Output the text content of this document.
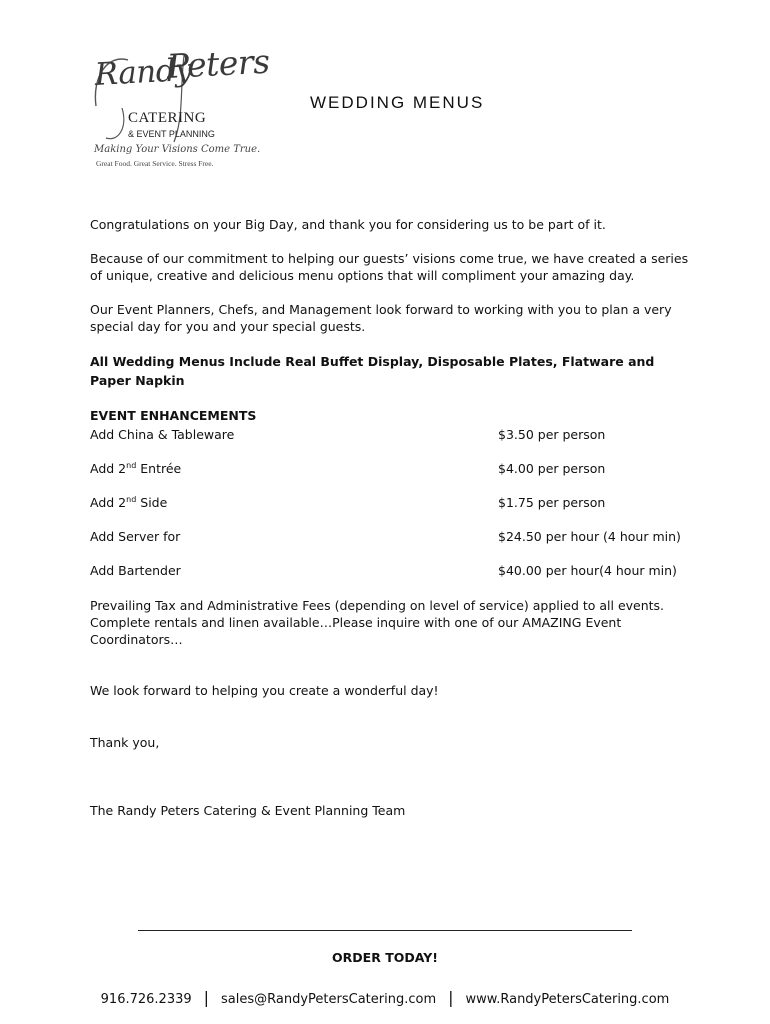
Randy
Peters
CATERING
& EVENT PLANNING
Making Your Visions Come True.
Great Food. Great Service. Stress Free.
WEDDING MENUS
Congratulations on your Big Day, and thank you for considering us to be part of it.
Because of our commitment to helping our guests’ visions come true, we have created a series of unique, creative and delicious menu options that will compliment your amazing day.
Our Event Planners, Chefs, and Management look forward to working with you to plan a very special day for you and your special guests.
All Wedding Menus Include Real Buffet Display, Disposable Plates, Flatware and Paper Napkin
EVENT ENHANCEMENTS
Add China & Tableware	$3.50 per person
Add 2nd Entrée	$4.00 per person
Add 2nd Side	$1.75 per person
Add Server for	$24.50 per hour (4 hour min)
Add Bartender	$40.00 per hour(4 hour min)
Prevailing Tax and Administrative Fees (depending on level of service) applied to all events. Complete rentals and linen available…Please inquire with one of our AMAZING Event Coordinators…
We look forward to helping you create a wonderful day!
Thank you,
The Randy Peters Catering & Event Planning Team
ORDER TODAY!
916.726.2339 | sales@RandyPetersCatering.com | www.RandyPetersCatering.com
